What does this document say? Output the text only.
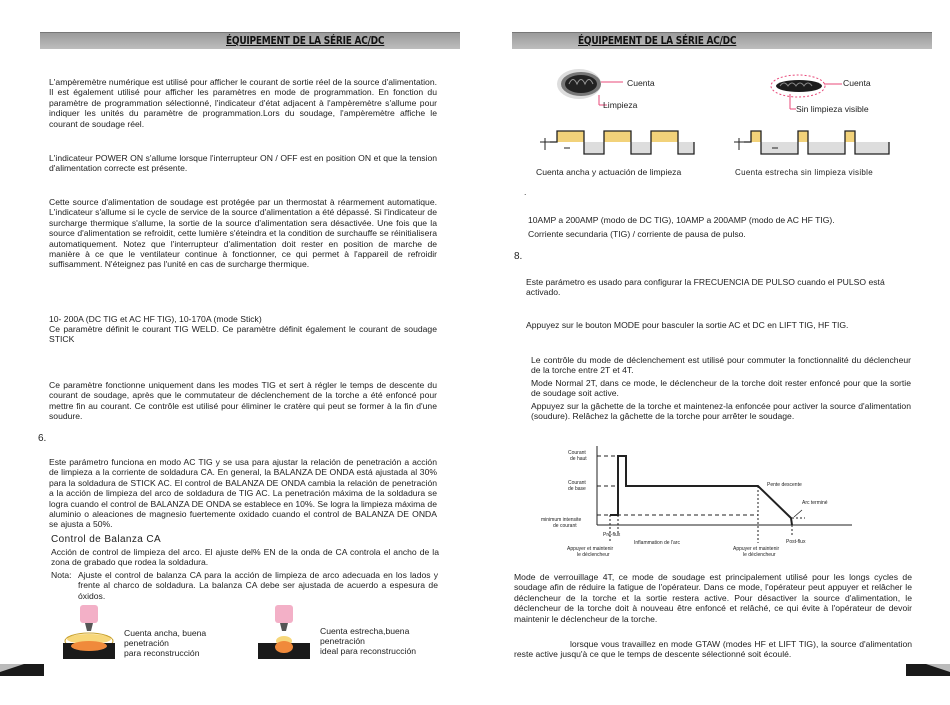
ÉQUIPEMENT DE LA SÉRIE AC/DC
L'ampèremètre numérique est utilisé pour afficher le courant de sortie réel de la source d'alimentation. Il est également utilisé pour afficher les paramètres en mode de programmation. En fonction du paramètre de programmation sélectionné, l'indicateur d'état adjacent à l'ampèremètre s'allume pour indiquer les unités du paramètre de programmation.Lors du soudage, l'ampèremètre affiche le courant de soudage réel.
L'indicateur POWER ON s'allume lorsque l'interrupteur ON / OFF est en position ON et que la tension d'alimentation correcte est présente.
Cette source d'alimentation de soudage est protégée par un thermostat à réarmement automatique. L'indicateur s'allume si le cycle de service de la source d'alimentation a été dépassé. Si l'indicateur de surcharge thermique s'allume, la sortie de la source d'alimentation sera désactivée. Une fois que la source d'alimentation se refroidit, cette lumière s'éteindra et la condition de surchauffe se réinitialisera automatiquement. Notez que l'interrupteur d'alimentation doit rester en position de marche de manière à ce que le ventilateur continue à fonctionner, ce qui permet à l'appareil de refroidir suffisamment. N'éteignez pas l'unité en cas de surcharge thermique.
10- 200A (DC TIG et AC HF TIG), 10-170A (mode Stick)
Ce paramètre définit le courant TIG WELD. Ce paramètre définit également le courant de soudage STICK
Ce paramètre fonctionne uniquement dans les modes TIG et sert à régler le temps de descente du courant de soudage, après que le commutateur de déclenchement de la torche a été enfoncé pour mettre fin au courant. Ce contrôle est utilisé pour éliminer le cratère qui peut se former à la fin d'une soudure.
6.
Este parámetro funciona en modo AC TIG y se usa para ajustar la relación de penetración a acción de limpieza a la corriente de soldadura CA. En general, la BALANZA DE ONDA está ajustada al 30% para la soldadura de STICK AC. El control de BALANZA DE ONDA cambia la relación de penetración a la acción de limpieza del arco de soldadura de TIG AC. La penetración máxima de la soldadura se logra cuando el control de BALANZA DE ONDA se establece en 10%. Se logra la limpieza máxima de aluminio o aleaciones de magnesio fuertemente oxidado cuando el control de BALANZA DE ONDA se ajusta a 50%.
Control de Balanza CA
Acción de control de limpieza del arco. El ajuste del% EN de la onda de CA controla el ancho de la zona de grabado que rodea la soldadura.
Nota: Ajuste el control de balanza CA para la acción de limpieza de arco adecuada en los lados y frente al charco de soldadura. La balanza CA debe ser ajustada de acuerdo a espesura de óxidos.
Cuenta ancha, buena
penetración
para reconstrucción
Cuenta estrecha,buena
penetración
ideal para reconstrucción
ÉQUIPEMENT DE LA SÉRIE AC/DC
Cuenta
Limpieza
Cuenta
Sin limpieza visible
Cuenta ancha y actuación de limpieza	Cuenta estrecha sin limpieza visible
.
10AMP a 200AMP (modo de DC TIG), 10AMP a 200AMP (modo de AC HF TIG).
Corriente secundaria (TIG) / corriente de pausa de pulso.
8.
Este parámetro es usado para configurar la FRECUENCIA DE PULSO cuando el PULSO está activado.
Appuyez sur le bouton MODE pour basculer la sortie AC et DC en LIFT TIG, HF TIG.
Le contrôle du mode de déclenchement est utilisé pour commuter la fonctionnalité du déclencheur de la torche entre 2T et 4T.
Mode Normal 2T, dans ce mode, le déclencheur de la torche doit rester enfoncé pour que la sortie de soudage soit active.
Appuyez sur la gâchette de la torche et maintenez-la enfoncée pour activer la source d'alimentation (soudure). Relâchez la gâchette de la torche pour arrêter le soudage.
Courant
de haut
Courant
de base
minimum intensite
de courant
Pente descente
Arc terminé
Pré-flux
Post-flux
Inflammation de l'arc
Appuyer et maintenir
le déclencheur
Appuyer et maintenir
le déclencheur
Mode de verrouillage 4T, ce mode de soudage est principalement utilisé pour les longs cycles de soudage afin de réduire la fatigue de l'opérateur. Dans ce mode, l'opérateur peut appuyer et relâcher le déclencheur de la torche et la sortie restera active. Pour désactiver la source d'alimentation, le déclencheur de la torche doit à nouveau être enfoncé et relâché, ce qui évite à l'opérateur de devoir maintenir le déclencheur de la torche.
lorsque vous travaillez en mode GTAW (modes HF et LIFT TIG), la source d'alimentation reste active jusqu'à ce que le temps de descente sélectionné soit écoulé.
